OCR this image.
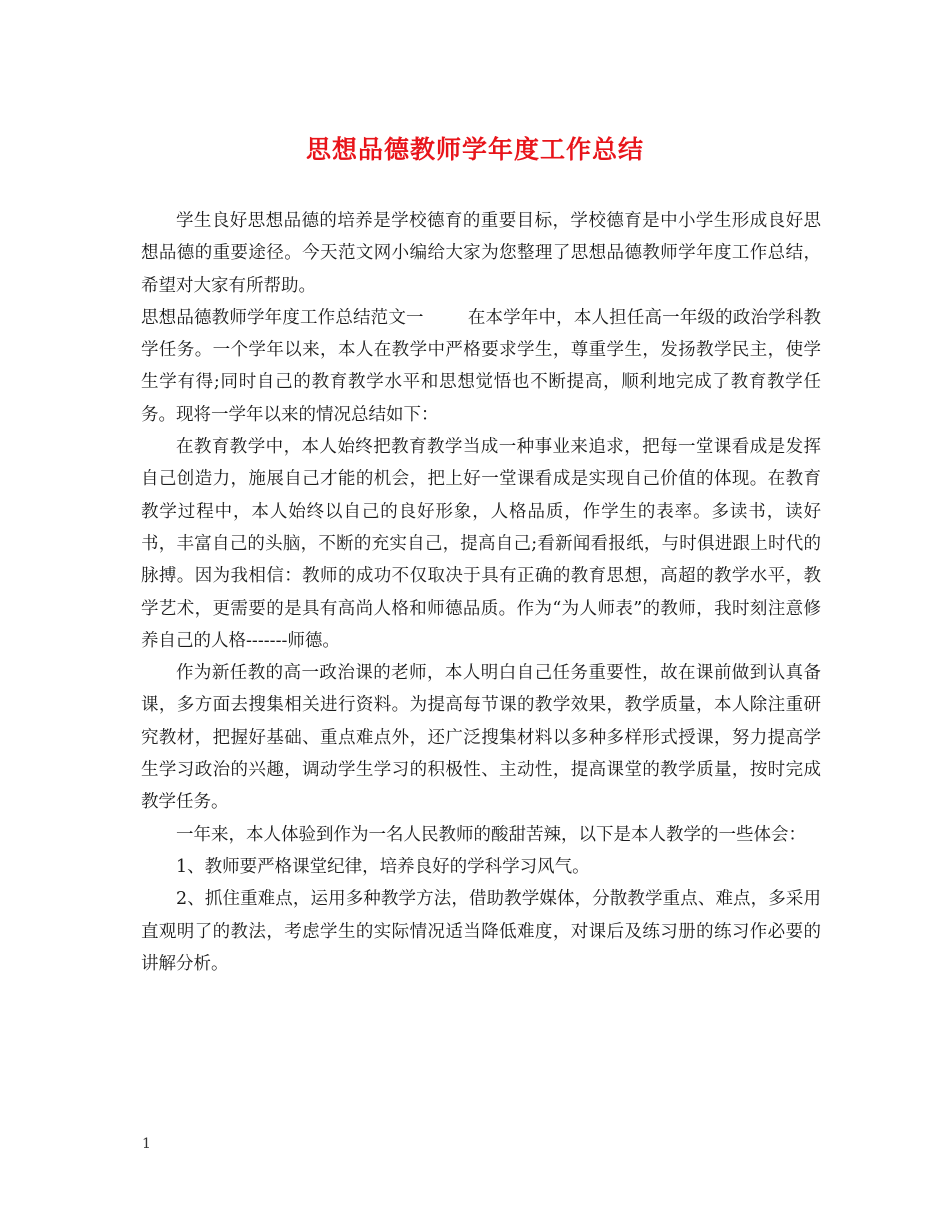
思想品德教师学年度工作总结

学生良好思想品德的培养是学校德育的重要目标，学校德育是中小学生形成良好思想品德的重要途径。今天范文网小编给大家为您整理了思想品德教师学年度工作总结，希望对大家有所帮助。

思想品德教师学年度工作总结范文一	在本学年中，本人担任高一年级的政治学科教学任务。一个学年以来，本人在教学中严格要求学生，尊重学生，发扬教学民主，使学生学有得;同时自己的教育教学水平和思想觉悟也不断提高，顺利地完成了教育教学任务。现将一学年以来的情况总结如下：

在教育教学中，本人始终把教育教学当成一种事业来追求，把每一堂课看成是发挥自己创造力，施展自己才能的机会，把上好一堂课看成是实现自己价值的体现。在教育教学过程中，本人始终以自己的良好形象，人格品质，作学生的表率。多读书，读好书，丰富自己的头脑，不断的充实自己，提高自己;看新闻看报纸，与时俱进跟上时代的脉搏。因为我相信：教师的成功不仅取决于具有正确的教育思想，高超的教学水平，教学艺术，更需要的是具有高尚人格和师德品质。作为“为人师表”的教师，我时刻注意修养自己的人格-------师德。

作为新任教的高一政治课的老师，本人明白自己任务重要性，故在课前做到认真备课，多方面去搜集相关进行资料。为提高每节课的教学效果，教学质量，本人除注重研究教材，把握好基础、重点难点外，还广泛搜集材料以多种多样形式授课，努力提高学生学习政治的兴趣，调动学生学习的积极性、主动性，提高课堂的教学质量，按时完成教学任务。

一年来，本人体验到作为一名人民教师的酸甜苦辣，以下是本人教学的一些体会：

1、教师要严格课堂纪律，培养良好的学科学习风气。

2、抓住重难点，运用多种教学方法，借助教学媒体，分散教学重点、难点，多采用直观明了的教法，考虑学生的实际情况适当降低难度，对课后及练习册的练习作必要的讲解分析。

1
